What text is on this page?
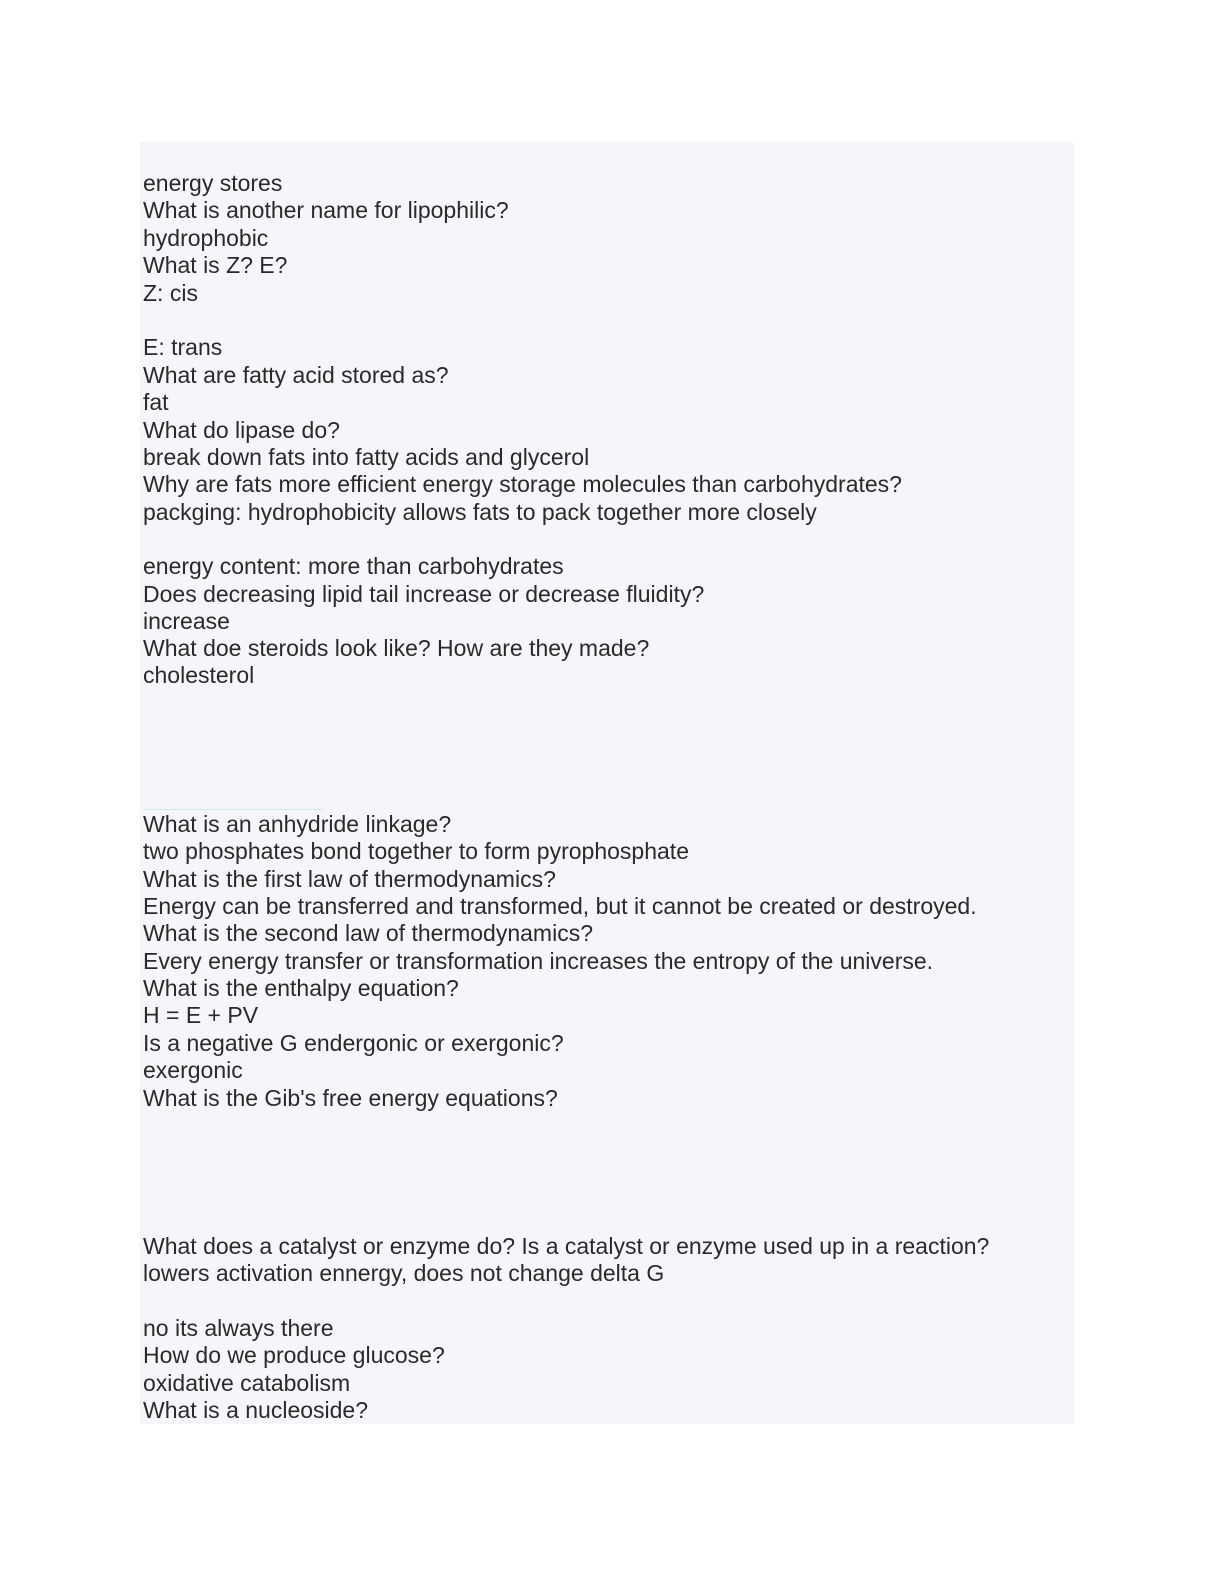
energy stores
What is another name for lipophilic?
hydrophobic
What is Z? E?
Z: cis
E: trans
What are fatty acid stored as?
fat
What do lipase do?
break down fats into fatty acids and glycerol
Why are fats more efficient energy storage molecules than carbohydrates?
packging: hydrophobicity allows fats to pack together more closely
energy content: more than carbohydrates
Does decreasing lipid tail increase or decrease fluidity?
increase
What doe steroids look like? How are they made?
cholesterol
What is an anhydride linkage?
two phosphates bond together to form pyrophosphate
What is the first law of thermodynamics?
Energy can be transferred and transformed, but it cannot be created or destroyed.
What is the second law of thermodynamics?
Every energy transfer or transformation increases the entropy of the universe.
What is the enthalpy equation?
H = E + PV
Is a negative G endergonic or exergonic?
exergonic
What is the Gib's free energy equations?
What does a catalyst or enzyme do? Is a catalyst or enzyme used up in a reaction?
lowers activation ennergy, does not change delta G
no its always there
How do we produce glucose?
oxidative catabolism
What is a nucleoside?
